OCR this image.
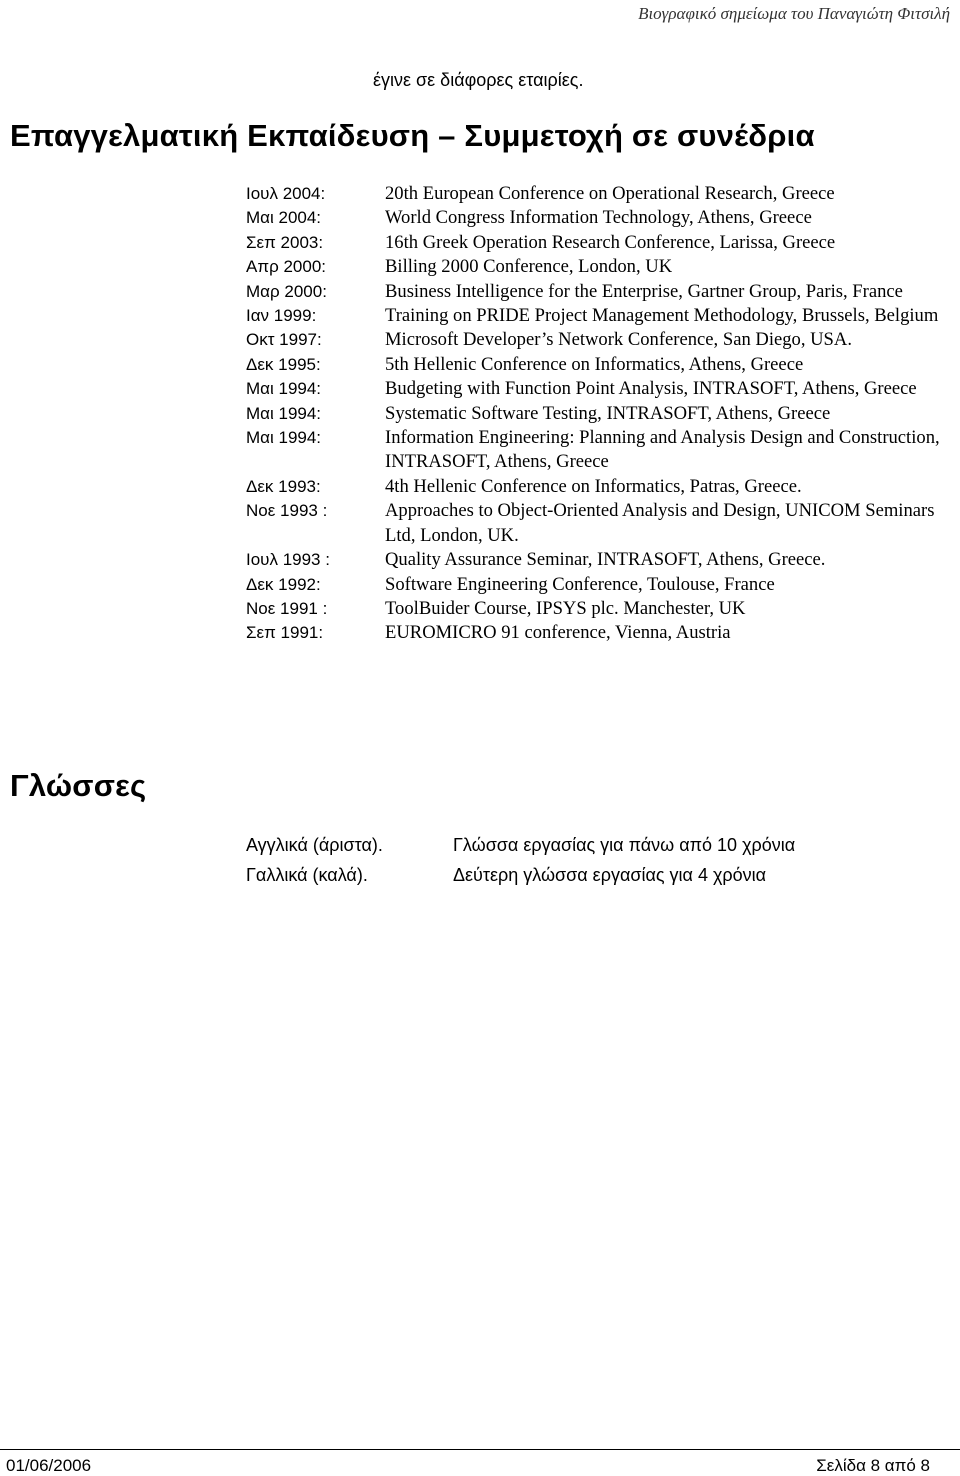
Βιογραφικό σημείωμα του Παναγιώτη Φιτσιλή
έγινε σε διάφορες εταιρίες.
Επαγγελματική Εκπαίδευση – Συμμετοχή σε συνέδρια
Ιουλ 2004:	20th European Conference on Operational Research, Greece
Μαι 2004:	World Congress Information Technology, Athens, Greece
Σεπ 2003:	16th Greek Operation Research Conference, Larissa, Greece
Απρ 2000:	Billing 2000 Conference, London, UK
Μαρ 2000:	Business Intelligence for the Enterprise, Gartner Group, Paris, France
Ιαν 1999:	Training on PRIDE Project Management Methodology, Brussels, Belgium
Οκτ 1997:	Microsoft Developer’s Network Conference, San Diego, USA.
Δεκ 1995:	5th Hellenic Conference on Informatics, Athens, Greece
Μαι 1994:	Budgeting with Function Point Analysis, INTRASOFT, Athens, Greece
Μαι 1994:	Systematic Software Testing, INTRASOFT, Athens, Greece
Μαι 1994:	Information Engineering: Planning and Analysis Design and Construction, INTRASOFT, Athens, Greece
Δεκ 1993:	4th Hellenic Conference on Informatics, Patras, Greece.
Νοε 1993 :	Approaches to Object-Oriented Analysis and Design, UNICOM Seminars Ltd, London, UK.
Ιουλ 1993 :	Quality Assurance Seminar, INTRASOFT, Athens, Greece.
Δεκ 1992:	Software Engineering Conference, Toulouse, France
Νοε 1991 :	ToolBuider Course, IPSYS plc. Manchester, UK
Σεπ 1991:	EUROMICRO 91 conference, Vienna, Austria
Γλώσσες
Αγγλικά (άριστα).	Γλώσσα εργασίας για πάνω από 10 χρόνια
Γαλλικά (καλά).	Δεύτερη γλώσσα εργασίας για 4 χρόνια
01/06/2006	Σελίδα 8 από 8
